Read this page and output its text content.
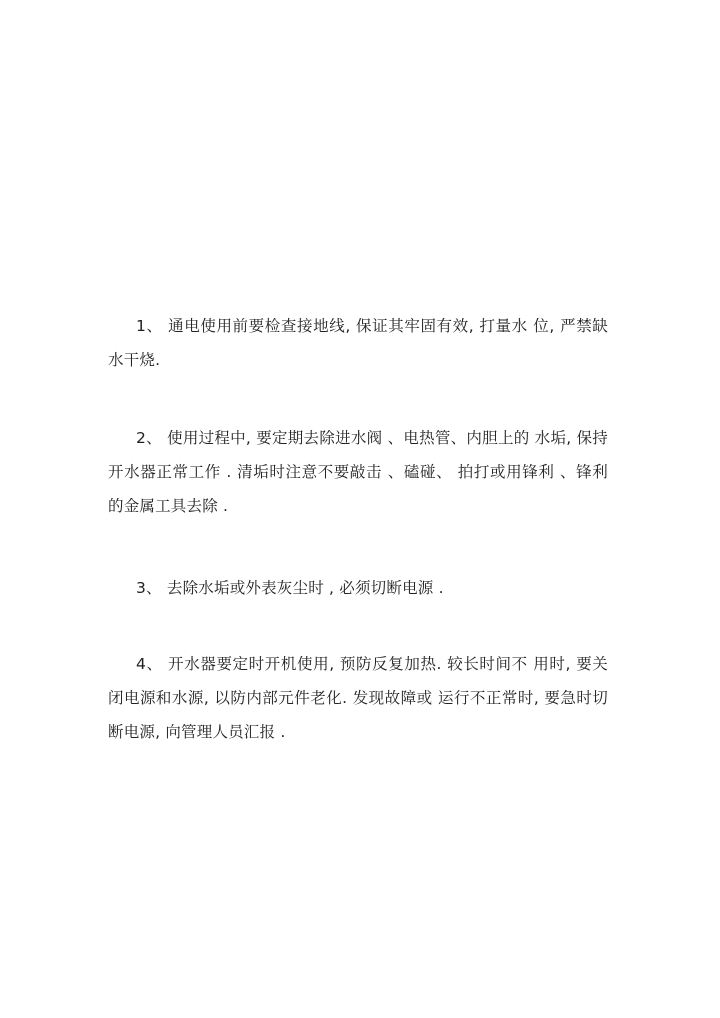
1、 通电使用前要检查接地线, 保证其牢固有效, 打量水 位, 严禁缺水干烧.

2、 使用过程中, 要定期去除进水阀 、电热管、内胆上的 水垢, 保持开水器正常工作 . 清垢时注意不要敲击 、磕碰、 拍打或用锋利 、锋利的金属工具去除 .

3、 去除水垢或外表灰尘时 , 必须切断电源 .

4、 开水器要定时开机使用, 预防反复加热. 较长时间不 用时, 要关闭电源和水源, 以防内部元件老化. 发现故障或 运行不正常时, 要急时切断电源, 向管理人员汇报 .
